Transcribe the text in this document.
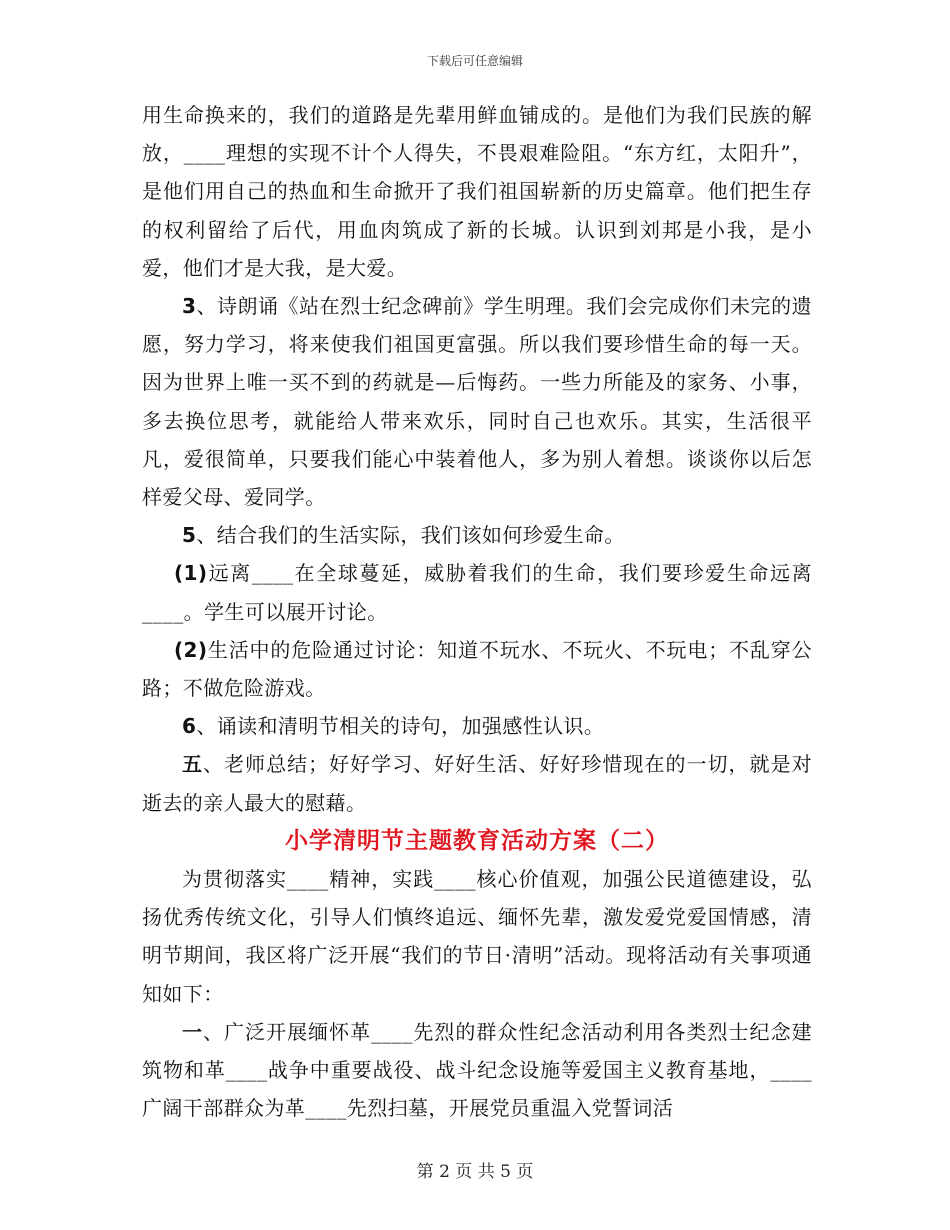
下载后可任意编辑

用生命换来的，我们的道路是先辈用鲜血铺成的。是他们为我们民族的解放，____理想的实现不计个人得失，不畏艰难险阻。“东方红，太阳升”，是他们用自己的热血和生命掀开了我们祖国崭新的历史篇章。他们把生存的权利留给了后代，用血肉筑成了新的长城。认识到刘邦是小我，是小爱，他们才是大我，是大爱。

3、诗朗诵《站在烈士纪念碑前》学生明理。我们会完成你们未完的遗愿，努力学习，将来使我们祖国更富强。所以我们要珍惜生命的每一天。因为世界上唯一买不到的药就是—后悔药。一些力所能及的家务、小事，多去换位思考，就能给人带来欢乐，同时自己也欢乐。其实，生活很平凡，爱很简单，只要我们能心中装着他人，多为别人着想。谈谈你以后怎样爱父母、爱同学。

5、结合我们的生活实际，我们该如何珍爱生命。

(1)远离____在全球蔓延，威胁着我们的生命，我们要珍爱生命远离____。学生可以展开讨论。

(2)生活中的危险通过讨论：知道不玩水、不玩火、不玩电；不乱穿公路；不做危险游戏。

6、诵读和清明节相关的诗句，加强感性认识。

五、老师总结；好好学习、好好生活、好好珍惜现在的一切，就是对逝去的亲人最大的慰藉。

小学清明节主题教育活动方案（二）

为贯彻落实____精神，实践____核心价值观，加强公民道德建设，弘扬优秀传统文化，引导人们慎终追远、缅怀先辈，激发爱党爱国情感，清明节期间，我区将广泛开展“我们的节日·清明”活动。现将活动有关事项通知如下：

一、广泛开展缅怀革____先烈的群众性纪念活动利用各类烈士纪念建筑物和革____战争中重要战役、战斗纪念设施等爱国主义教育基地，____广阔干部群众为革____先烈扫墓，开展党员重温入党誓词活

第 2 页 共 5 页
